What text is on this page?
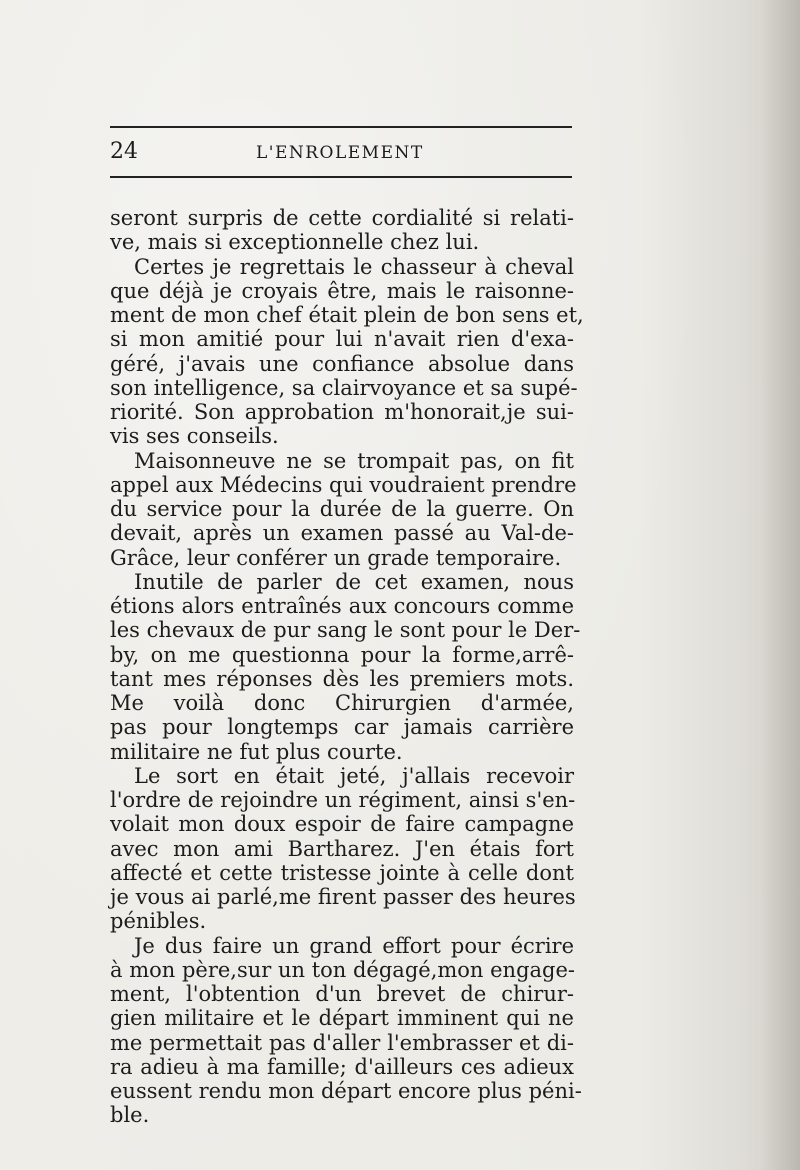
24	L'ENROLEMENT
seront surpris de cette cordialité si relati-
ve, mais si exceptionnelle chez lui.
Certes je regrettais le chasseur à cheval
que déjà je croyais être, mais le raisonne-
ment de mon chef était plein de bon sens et,
si mon amitié pour lui n'avait rien d'exa-
géré, j'avais une confiance absolue dans
son intelligence, sa clairvoyance et sa supé-
riorité. Son approbation m'honorait,je sui-
vis ses conseils.
Maisonneuve ne se trompait pas, on fit
appel aux Médecins qui voudraient prendre
du service pour la durée de la guerre. On
devait, après un examen passé au Val-de-
Grâce, leur conférer un grade temporaire.
Inutile de parler de cet examen, nous
étions alors entraînés aux concours comme
les chevaux de pur sang le sont pour le Der-
by, on me questionna pour la forme,arrê-
tant mes réponses dès les premiers mots.
Me voilà donc Chirurgien d'armée,
pas pour longtemps car jamais carrière
militaire ne fut plus courte.
Le sort en était jeté, j'allais recevoir
l'ordre de rejoindre un régiment, ainsi s'en-
volait mon doux espoir de faire campagne
avec mon ami Bartharez. J'en étais fort
affecté et cette tristesse jointe à celle dont
je vous ai parlé,me firent passer des heures
pénibles.
Je dus faire un grand effort pour écrire
à mon père,sur un ton dégagé,mon engage-
ment, l'obtention d'un brevet de chirur-
gien militaire et le départ imminent qui ne
me permettait pas d'aller l'embrasser et di-
ra adieu à ma famille; d'ailleurs ces adieux
eussent rendu mon départ encore plus péni-
ble.
